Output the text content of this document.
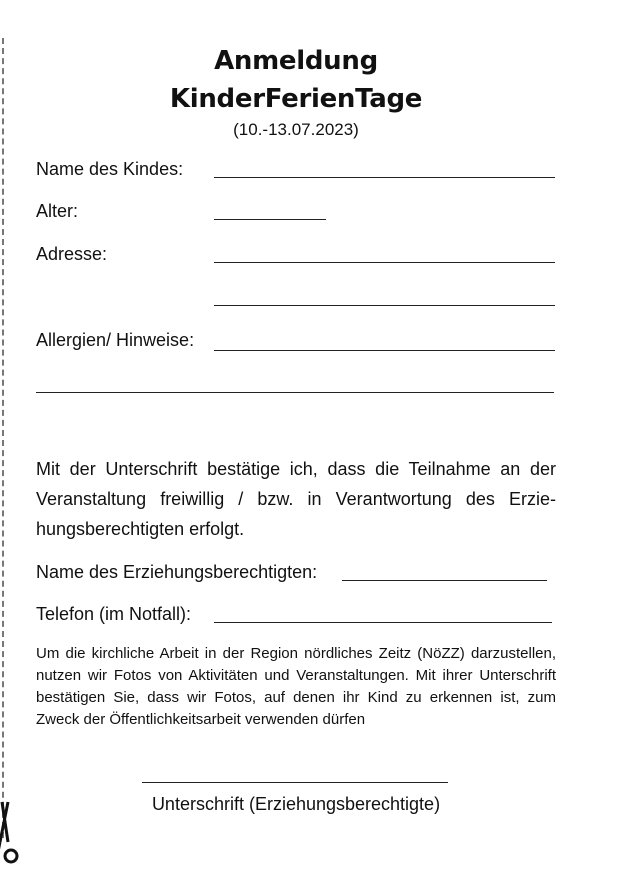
Anmeldung
KinderFerienTage
(10.-13.07.2023)
Name des Kindes:
Alter:
Adresse:
Allergien/ Hinweise:
Mit der Unterschrift bestätige ich, dass die Teilnahme an der Veranstaltung freiwillig / bzw. in Verantwortung des Erziehungsberechtigten erfolgt.
Name des Erziehungsberechtigten:
Telefon (im Notfall):
Um die kirchliche Arbeit in der Region nördliches Zeitz (NöZZ) darzustellen, nutzen wir Fotos von Aktivitäten und Veranstaltungen. Mit ihrer Unterschrift bestätigen Sie, dass wir Fotos, auf denen ihr Kind zu erkennen ist, zum Zweck der Öffentlichkeitsarbeit verwenden dürfen
Unterschrift (Erziehungsberechtigte)
